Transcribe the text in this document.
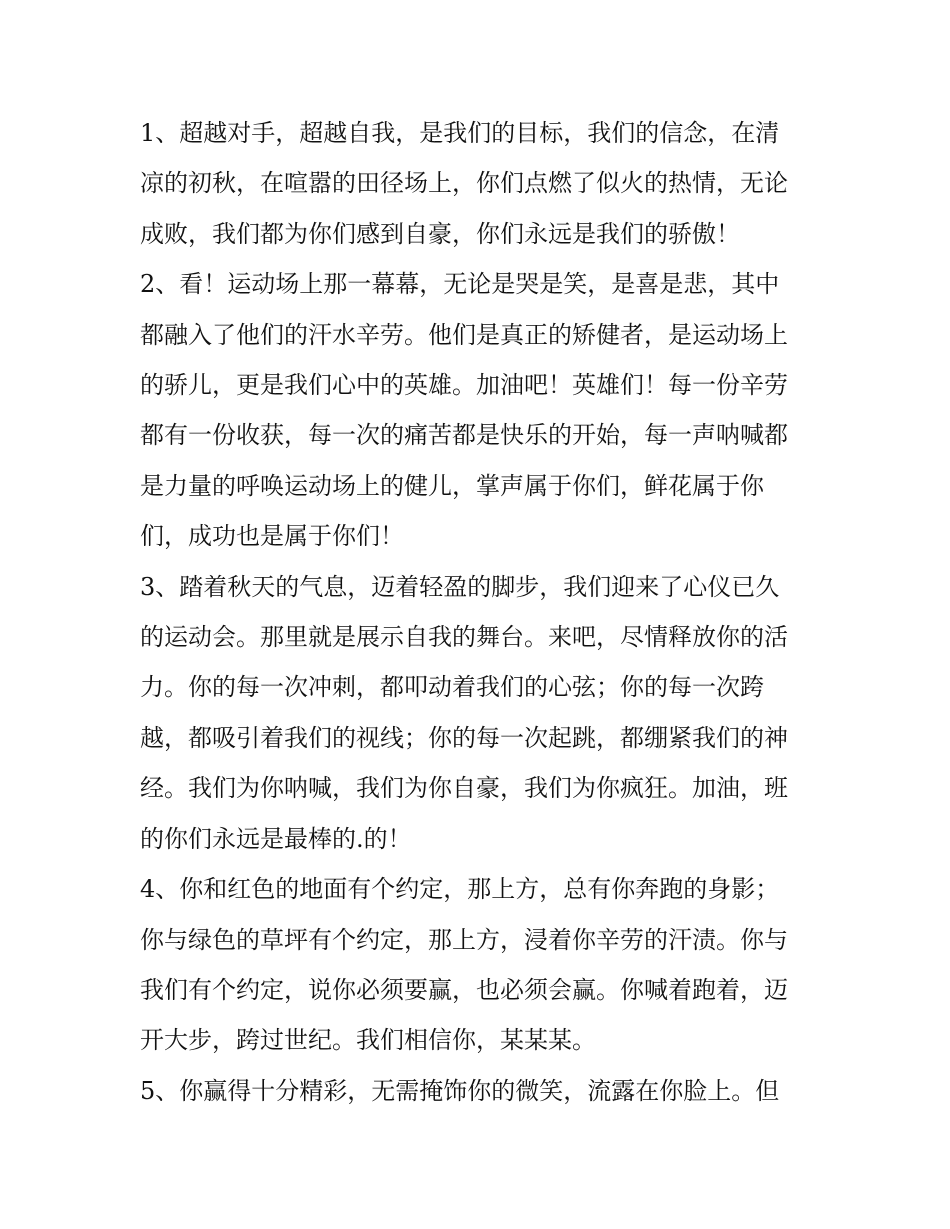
1、超越对手，超越自我，是我们的目标，我们的信念，在清
凉的初秋，在喧嚣的田径场上，你们点燃了似火的热情，无论
成败，我们都为你们感到自豪，你们永远是我们的骄傲！
2、看！运动场上那一幕幕，无论是哭是笑，是喜是悲，其中
都融入了他们的汗水辛劳。他们是真正的矫健者，是运动场上
的骄儿，更是我们心中的英雄。加油吧！英雄们！每一份辛劳
都有一份收获，每一次的痛苦都是快乐的开始，每一声呐喊都
是力量的呼唤运动场上的健儿，掌声属于你们，鲜花属于你
们，成功也是属于你们！
3、踏着秋天的气息，迈着轻盈的脚步，我们迎来了心仪已久
的运动会。那里就是展示自我的舞台。来吧，尽情释放你的活
力。你的每一次冲刺，都叩动着我们的心弦；你的每一次跨
越，都吸引着我们的视线；你的每一次起跳，都绷紧我们的神
经。我们为你呐喊，我们为你自豪，我们为你疯狂。加油，班
的你们永远是最棒的.的！
4、你和红色的地面有个约定，那上方，总有你奔跑的身影；
你与绿色的草坪有个约定，那上方，浸着你辛劳的汗渍。你与
我们有个约定，说你必须要赢，也必须会赢。你喊着跑着，迈
开大步，跨过世纪。我们相信你，某某某。
5、你赢得十分精彩，无需掩饰你的微笑，流露在你脸上。但
